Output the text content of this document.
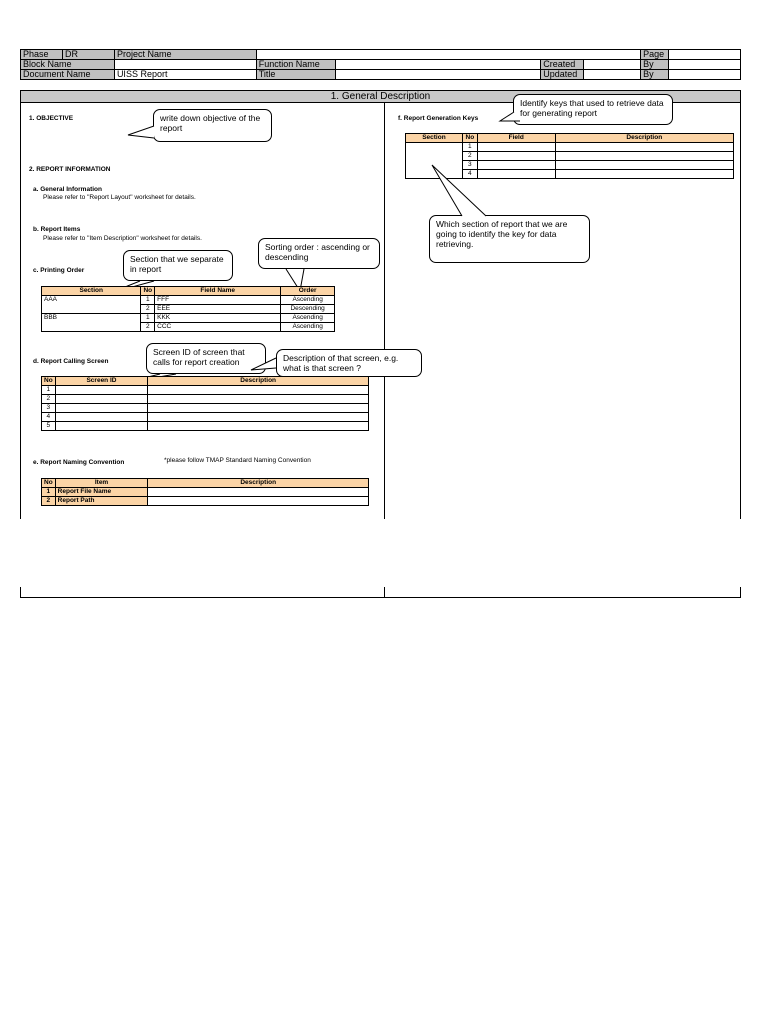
Phase	DR	Project Name					Page	
Block Name			Function Name		Created		By	
Document Name		UISS Report	Title		Updated		By	
1. General Description
1. OBJECTIVE	write down objective of the report
2. REPORT INFORMATION
a. General Information
Please refer to "Report Layout" worksheet for details.
b. Report Items
Please refer to "Item Description" worksheet for details.
c. Printing Order
Section that we separate in report
Sorting order : ascending or descending
Section	No	Field Name	Order
AAA	1	FFF	Ascending
	2	EEE	Descending
BBB	1	KKK	Ascending
	2	CCC	Ascending
d. Report Calling Screen
Screen ID of screen that calls for report creation	Description of that screen, e.g. what is that screen ?
No	Screen ID	Description
1		
2		
3		
4		
5		
e. Report Naming Convention	*please follow TMAP Standard Naming Convention
No	Item	Description
1	Report File Name	
2	Report Path	
f. Report Generation Keys
Identify keys that used to retrieve data for generating report
Section	No	Field	Description
	1		
	2		
	3		
	4		
Which section of report that we are going to identify the key for data retrieving.
